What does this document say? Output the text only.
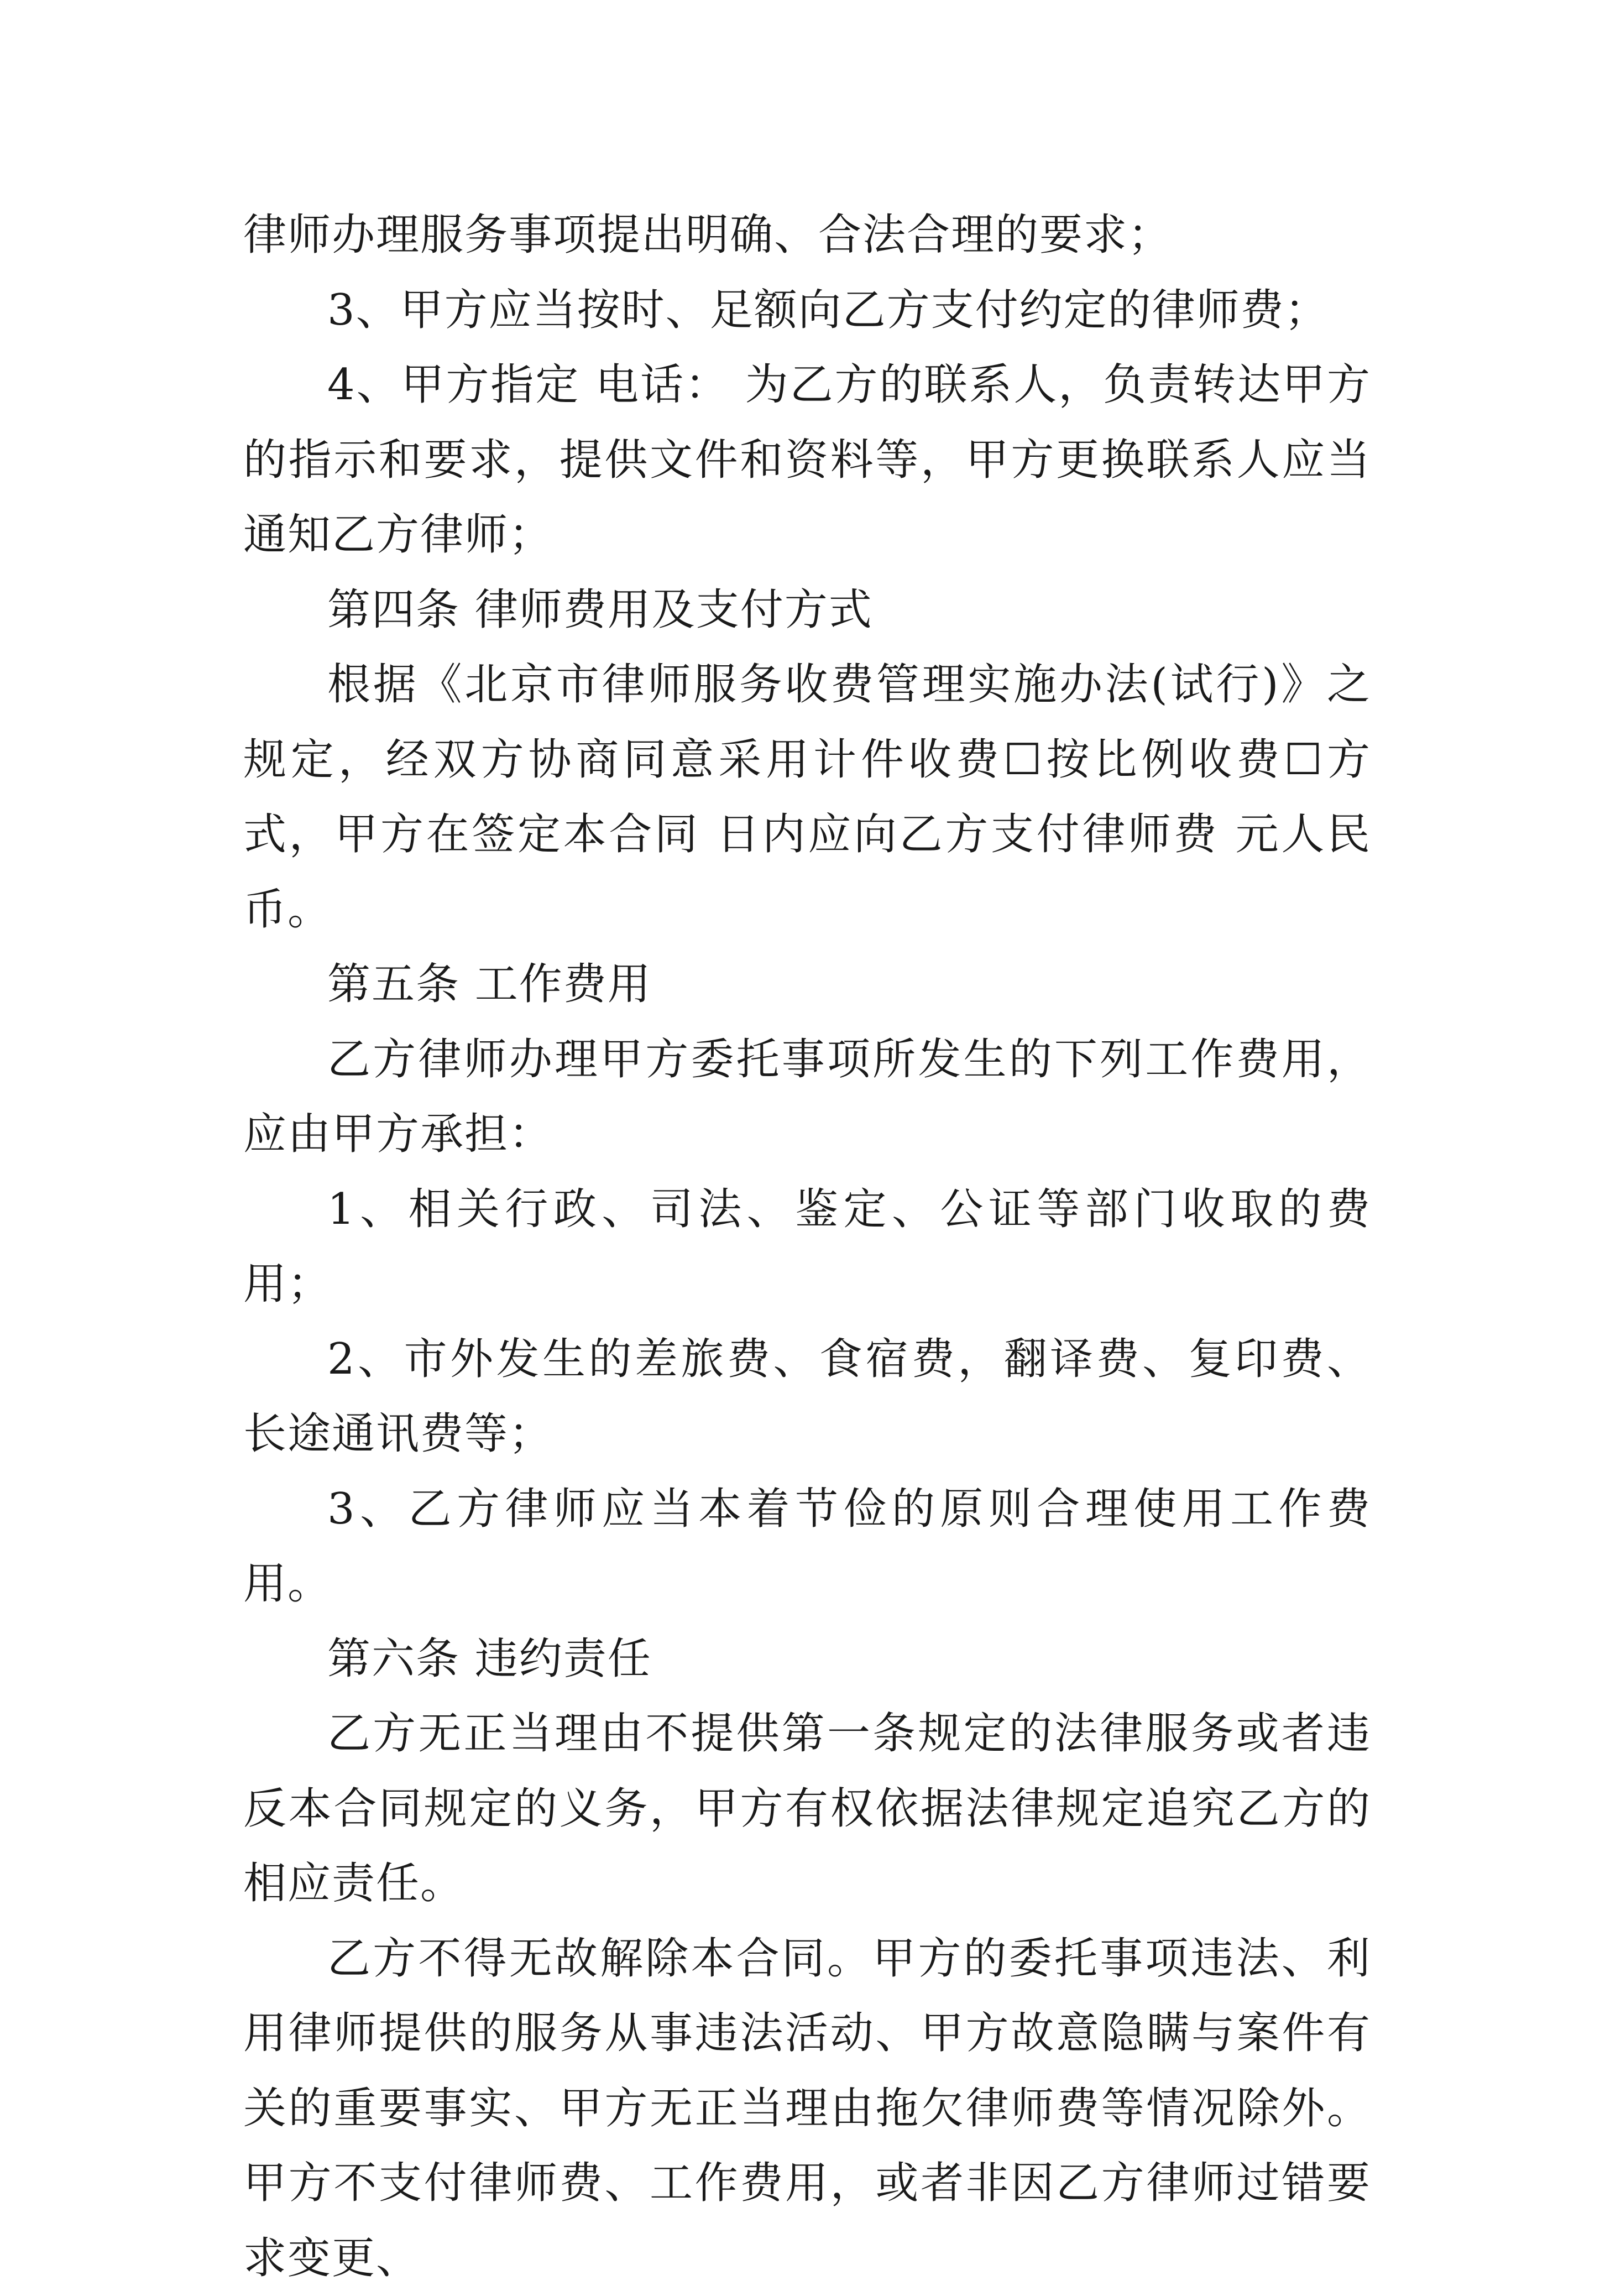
律师办理服务事项提出明确、合法合理的要求；

3、甲方应当按时、足额向乙方支付约定的律师费；

4、甲方指定 电话： 为乙方的联系人，负责转达甲方的指示和要求，提供文件和资料等，甲方更换联系人应当通知乙方律师；

第四条 律师费用及支付方式

根据《北京市律师服务收费管理实施办法(试行)》之规定，经双方协商同意采用计件收费☐按比例收费☐方式，甲方在签定本合同 日内应向乙方支付律师费 元人民币。

第五条 工作费用

乙方律师办理甲方委托事项所发生的下列工作费用，应由甲方承担：

1、相关行政、司法、鉴定、公证等部门收取的费用；

2、市外发生的差旅费、食宿费，翻译费、复印费、长途通讯费等；

3、乙方律师应当本着节俭的原则合理使用工作费用。

第六条 违约责任

乙方无正当理由不提供第一条规定的法律服务或者违反本合同规定的义务，甲方有权依据法律规定追究乙方的相应责任。

乙方不得无故解除本合同。甲方的委托事项违法、利用律师提供的服务从事违法活动、甲方故意隐瞒与案件有关的重要事实、甲方无正当理由拖欠律师费等情况除外。 甲方不支付律师费、工作费用，或者非因乙方律师过错要求变更、
